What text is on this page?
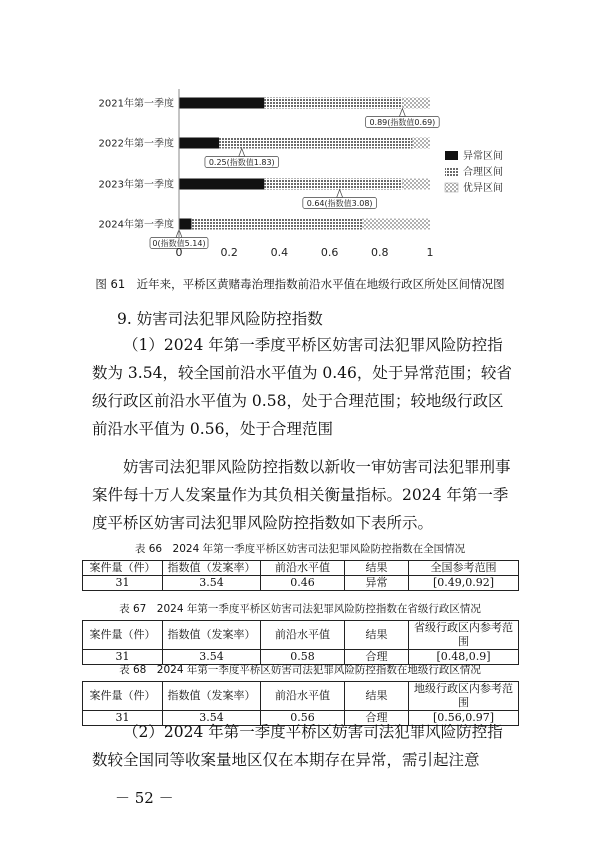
0.89(指数值0.69)
0.25(指数值1.83)
0.64(指数值3.08)
0(指数值5.14)
2021年第一季度
2022年第一季度
2023年第一季度
2024年第一季度
0	0.2	0.4	0.6	0.8	1
异常区间
合理区间
优异区间
图 61　近年来，平桥区黄赌毒治理指数前沿水平值在地级行政区所处区间情况图
9. 妨害司法犯罪风险防控指数

（1）2024 年第一季度平桥区妨害司法犯罪风险防控指数为 3.54，较全国前沿水平值为 0.46，处于异常范围；较省级行政区前沿水平值为 0.58，处于合理范围；较地级行政区前沿水平值为 0.56，处于合理范围

妨害司法犯罪风险防控指数以新收一审妨害司法犯罪刑事案件每十万人发案量作为其负相关衡量指标。2024 年第一季度平桥区妨害司法犯罪风险防控指数如下表所示。

表 66　2024 年第一季度平桥区妨害司法犯罪风险防控指数在全国情况
案件量（件）	指数值（发案率）	前沿水平值	结果	全国参考范围
31	3.54	0.46	异常	[0.49,0.92]
表 67　2024 年第一季度平桥区妨害司法犯罪风险防控指数在省级行政区情况
案件量（件）	指数值（发案率）	前沿水平值	结果	省级行政区内参考范围
31	3.54	0.58	合理	[0.48,0.9]
表 68　2024 年第一季度平桥区妨害司法犯罪风险防控指数在地级行政区情况
案件量（件）	指数值（发案率）	前沿水平值	结果	地级行政区内参考范围
31	3.54	0.56	合理	[0.56,0.97]

（2）2024 年第一季度平桥区妨害司法犯罪风险防控指数较全国同等收案量地区仅在本期存在异常，需引起注意

－ 52 －
